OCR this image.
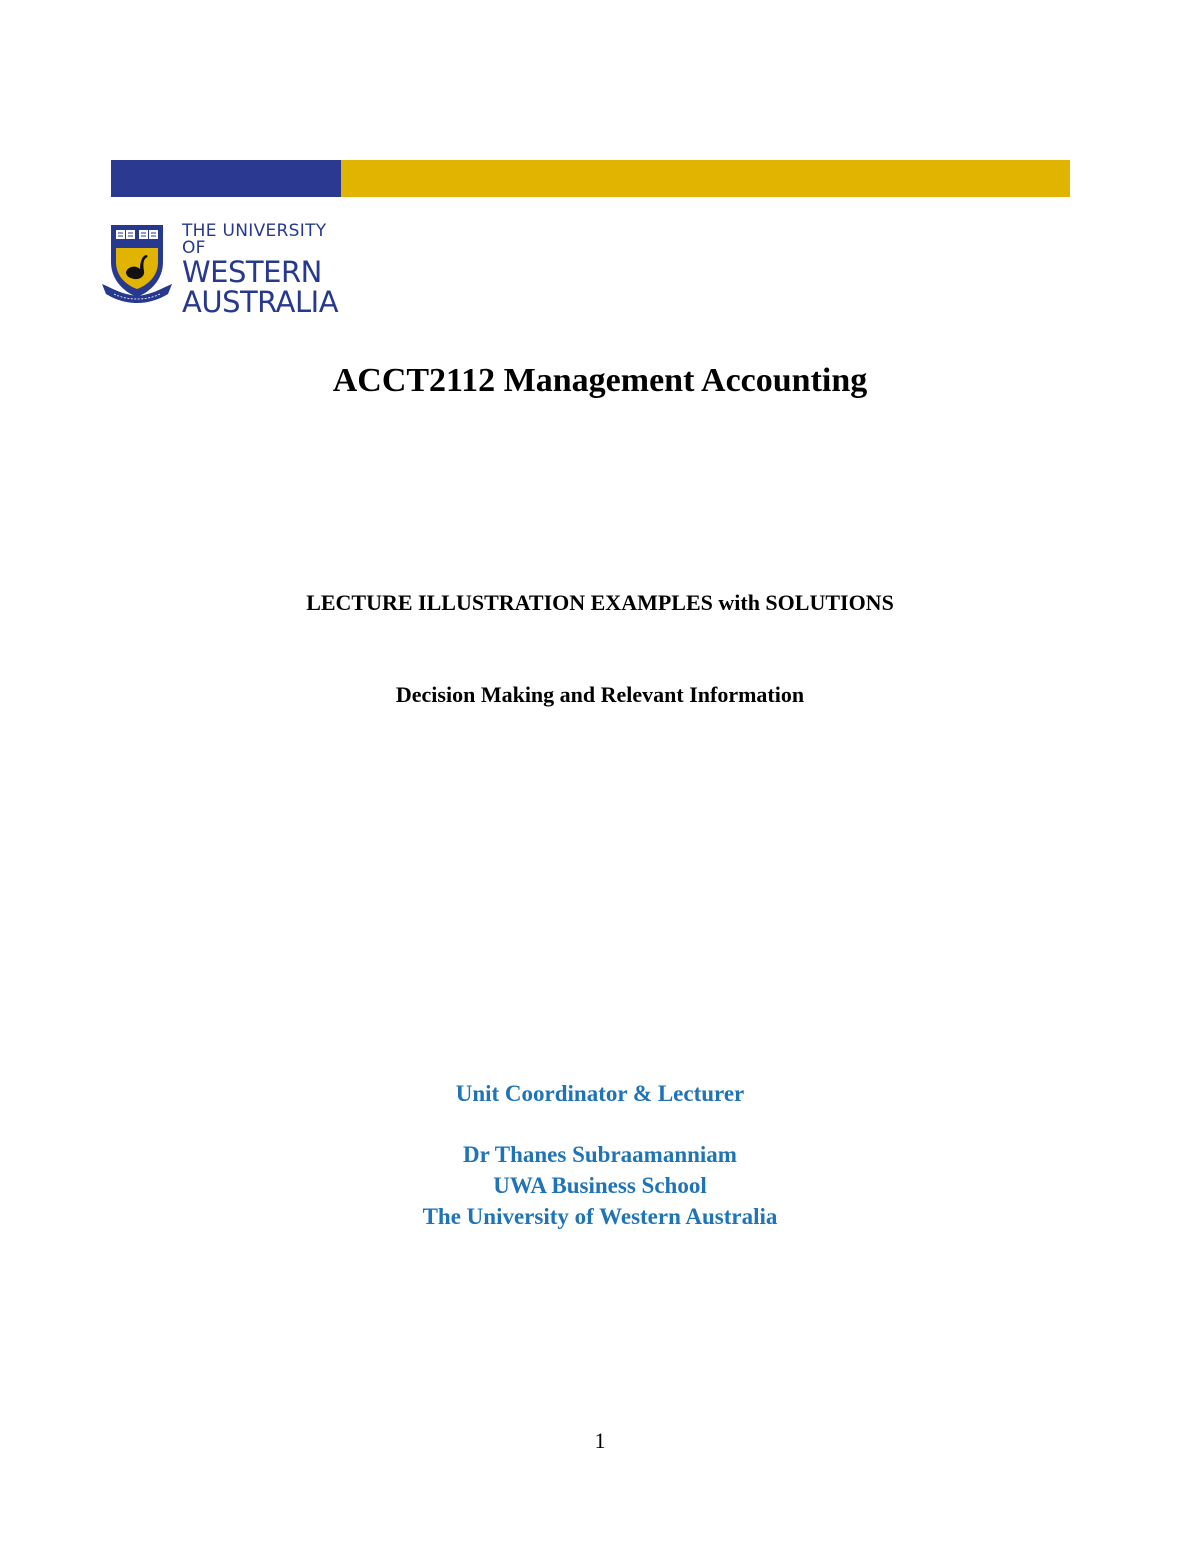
THE UNIVERSITY OF
WESTERN
AUSTRALIA
ACCT2112 Management Accounting
LECTURE ILLUSTRATION EXAMPLES with SOLUTIONS
Decision Making and Relevant Information
Unit Coordinator & Lecturer
Dr Thanes Subraamanniam
UWA Business School
The University of Western Australia
1
